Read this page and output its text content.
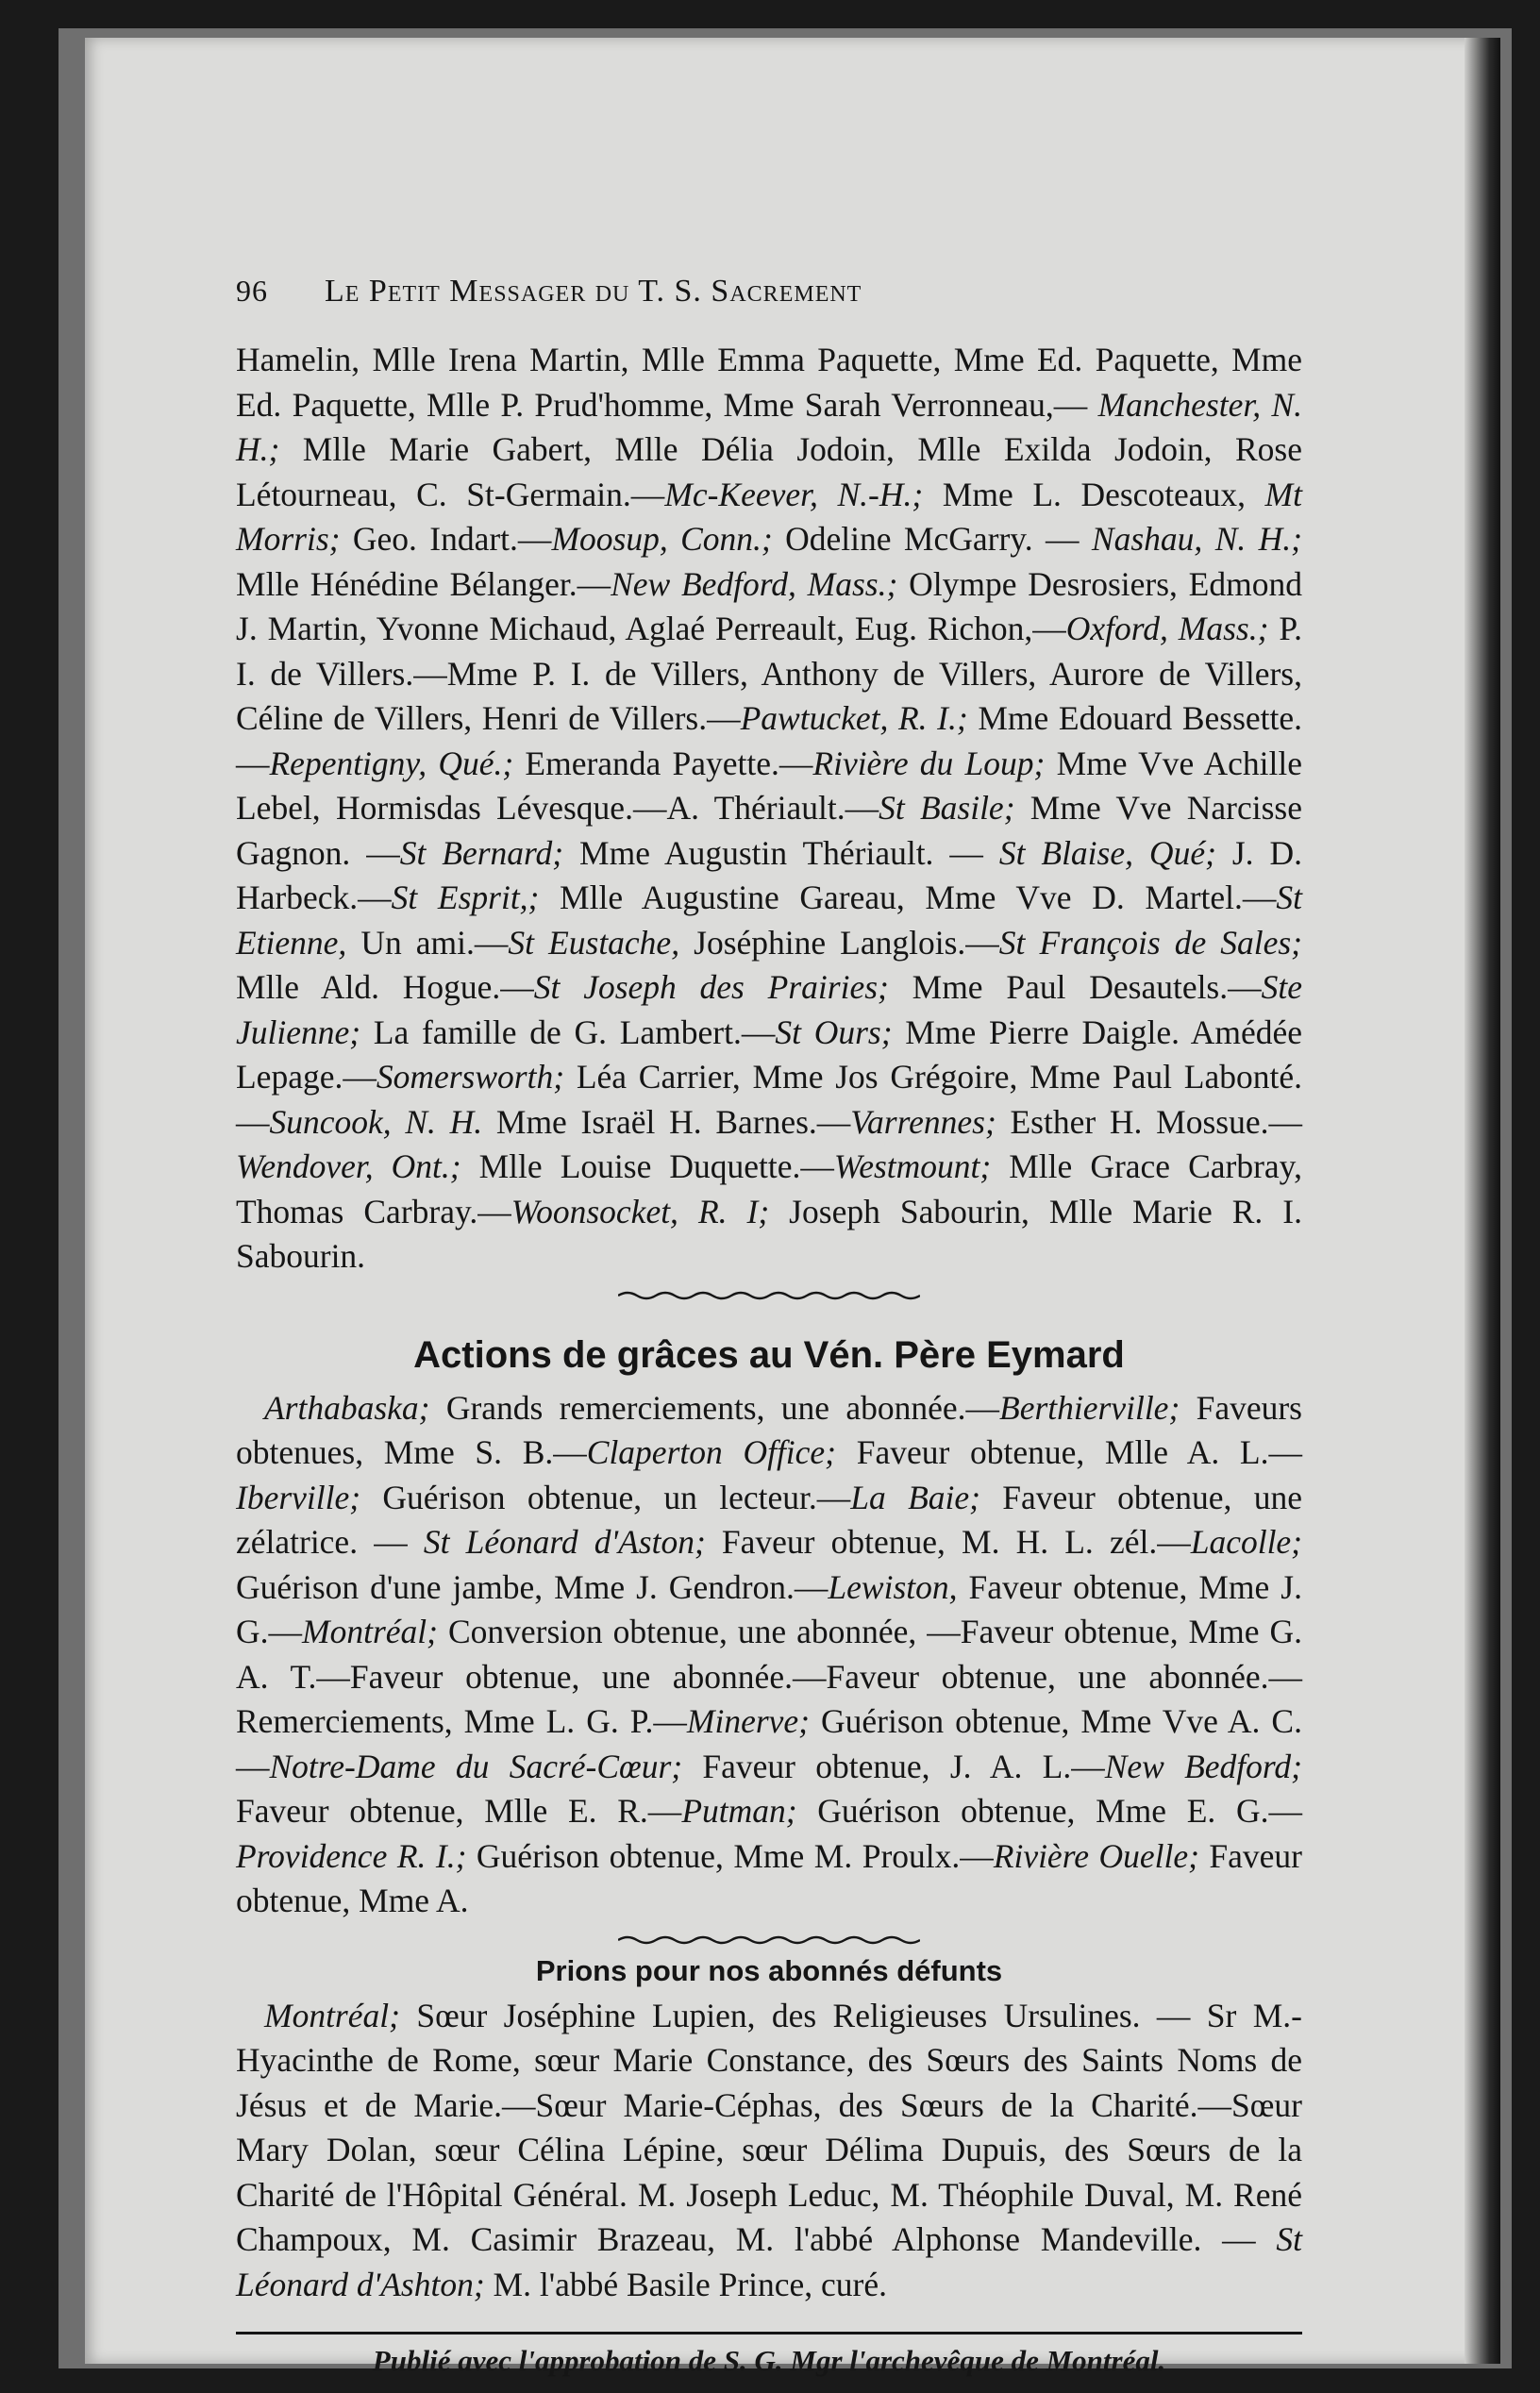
96 Le Petit Messager du T. S. Sacrement

Hamelin, Mlle Irena Martin, Mlle Emma Paquette, Mme Ed. Paquette, Mme Ed. Paquette, Mlle P. Prud'homme, Mme Sarah Verronneau,— Manchester, N. H.; Mlle Marie Gabert, Mlle Délia Jodoin, Mlle Exilda Jodoin, Rose Létourneau, C. St-Germain.—Mc-Keever, N.-H.; Mme L. Descoteaux, Mt Morris; Geo. Indart.—Moosup, Conn.; Odeline McGarry. — Nashau, N. H.; Mlle Hénédine Bélanger.—New Bedford, Mass.; Olympe Desrosiers, Edmond J. Martin, Yvonne Michaud, Aglaé Perreault, Eug. Richon,—Oxford, Mass.; P. I. de Villers.—Mme P. I. de Villers, Anthony de Villers, Aurore de Villers, Céline de Villers, Henri de Villers.—Pawtucket, R. I.; Mme Edouard Bessette.—Repentigny, Qué.; Emeranda Payette.—Rivière du Loup; Mme Vve Achille Lebel, Hormisdas Lévesque.—A. Thériault.—St Basile; Mme Vve Narcisse Gagnon. —St Bernard; Mme Augustin Thériault. — St Blaise, Qué; J. D. Harbeck.—St Esprit,; Mlle Augustine Gareau, Mme Vve D. Martel.—St Etienne, Un ami.—St Eustache, Joséphine Langlois.—St François de Sales; Mlle Ald. Hogue.—St Joseph des Prairies; Mme Paul Desautels.—Ste Julienne; La famille de G. Lambert.—St Ours; Mme Pierre Daigle. Amédée Lepage.—Somersworth; Léa Carrier, Mme Jos Grégoire, Mme Paul Labonté.—Suncook, N. H. Mme Israël H. Barnes.—Varrennes; Esther H. Mossue.—Wendover, Ont.; Mlle Louise Duquette.—Westmount; Mlle Grace Carbray, Thomas Carbray.—Woonsocket, R. I; Joseph Sabourin, Mlle Marie R. I. Sabourin.

Actions de grâces au Vén. Père Eymard

Arthabaska; Grands remerciements, une abonnée.—Berthierville; Faveurs obtenues, Mme S. B.—Claperton Office; Faveur obtenue, Mlle A. L.—Iberville; Guérison obtenue, un lecteur.—La Baie; Faveur obtenue, une zélatrice. — St Léonard d'Aston; Faveur obtenue, M. H. L. zél.—Lacolle; Guérison d'une jambe, Mme J. Gendron.—Lewiston, Faveur obtenue, Mme J. G.—Montréal; Conversion obtenue, une abonnée, —Faveur obtenue, Mme G. A. T.—Faveur obtenue, une abonnée.—Faveur obtenue, une abonnée.—Remerciements, Mme L. G. P.—Minerve; Guérison obtenue, Mme Vve A. C.—Notre-Dame du Sacré-Cœur; Faveur obtenue, J. A. L.—New Bedford; Faveur obtenue, Mlle E. R.—Putman; Guérison obtenue, Mme E. G.—Providence R. I.; Guérison obtenue, Mme M. Proulx.—Rivière Ouelle; Faveur obtenue, Mme A.

Prions pour nos abonnés défunts

Montréal; Sœur Joséphine Lupien, des Religieuses Ursulines. — Sr M.-Hyacinthe de Rome, sœur Marie Constance, des Sœurs des Saints Noms de Jésus et de Marie.—Sœur Marie-Céphas, des Sœurs de la Charité.—Sœur Mary Dolan, sœur Célina Lépine, sœur Délima Dupuis, des Sœurs de la Charité de l'Hôpital Général. M. Joseph Leduc, M. Théophile Duval, M. René Champoux, M. Casimir Brazeau, M. l'abbé Alphonse Mandeville. — St Léonard d'Ashton; M. l'abbé Basile Prince, curé.

Publié avec l'approbation de S. G. Mgr l'archevêque de Montréal.
